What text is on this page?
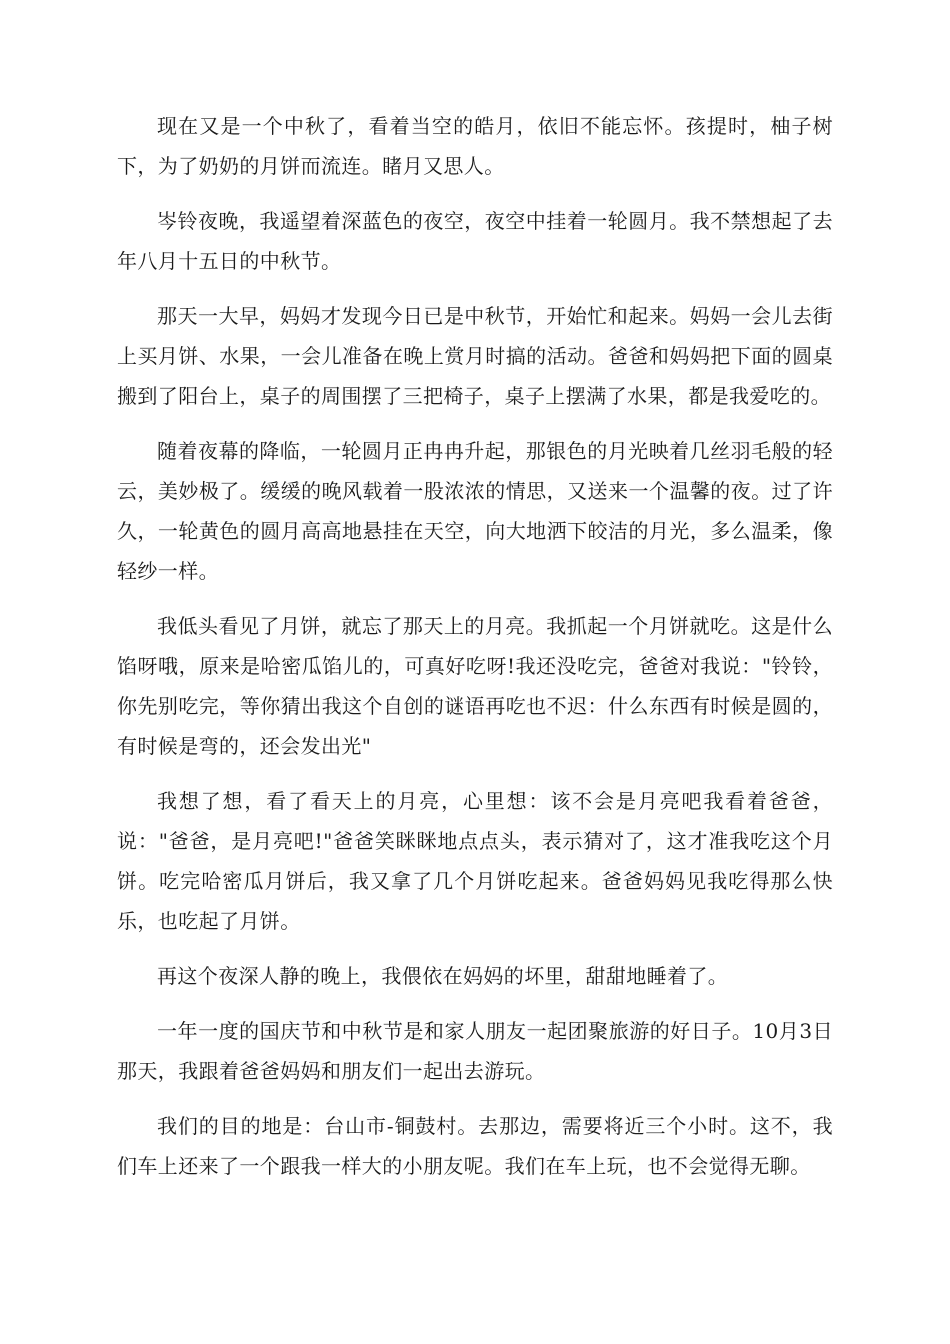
现在又是一个中秋了，看着当空的皓月，依旧不能忘怀。孩提时，柚子树下，为了奶奶的月饼而流连。睹月又思人。

岑铃夜晚，我遥望着深蓝色的夜空，夜空中挂着一轮圆月。我不禁想起了去年八月十五日的中秋节。

那天一大早，妈妈才发现今日已是中秋节，开始忙和起来。妈妈一会儿去街上买月饼、水果，一会儿准备在晚上赏月时搞的活动。爸爸和妈妈把下面的圆桌搬到了阳台上，桌子的周围摆了三把椅子，桌子上摆满了水果，都是我爱吃的。

随着夜幕的降临，一轮圆月正冉冉升起，那银色的月光映着几丝羽毛般的轻云，美妙极了。缓缓的晚风载着一股浓浓的情思，又送来一个温馨的夜。过了许久，一轮黄色的圆月高高地悬挂在天空，向大地洒下皎洁的月光，多么温柔，像轻纱一样。

我低头看见了月饼，就忘了那天上的月亮。我抓起一个月饼就吃。这是什么馅呀哦，原来是哈密瓜馅儿的，可真好吃呀!我还没吃完，爸爸对我说："铃铃，你先别吃完，等你猜出我这个自创的谜语再吃也不迟：什么东西有时候是圆的，有时候是弯的，还会发出光"

我想了想，看了看天上的月亮，心里想：该不会是月亮吧我看着爸爸，说："爸爸，是月亮吧!"爸爸笑眯眯地点点头，表示猜对了，这才准我吃这个月饼。吃完哈密瓜月饼后，我又拿了几个月饼吃起来。爸爸妈妈见我吃得那么快乐，也吃起了月饼。

再这个夜深人静的晚上，我偎依在妈妈的坏里，甜甜地睡着了。

一年一度的国庆节和中秋节是和家人朋友一起团聚旅游的好日子。10月3日那天，我跟着爸爸妈妈和朋友们一起出去游玩。

我们的目的地是：台山市-铜鼓村。去那边，需要将近三个小时。这不，我们车上还来了一个跟我一样大的小朋友呢。我们在车上玩，也不会觉得无聊。
